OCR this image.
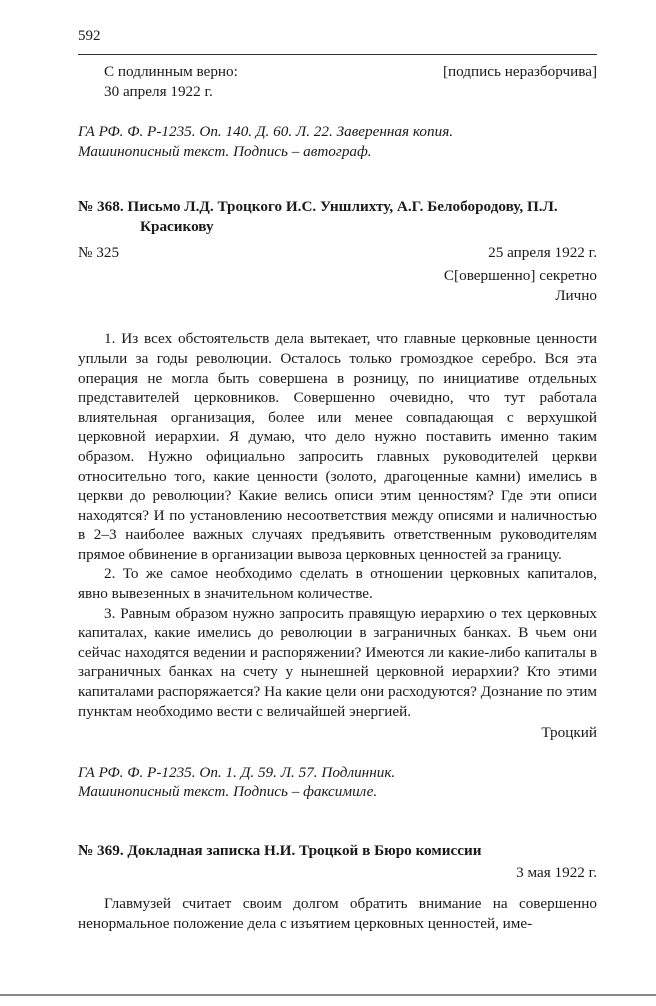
592
С подлинным верно:	[подпись неразборчива]
30 апреля 1922 г.
ГА РФ. Ф. Р-1235. Оп. 140. Д. 60. Л. 22. Заверенная копия.
Машинописный текст. Подпись – автограф.
№ 368. Письмо Л.Д. Троцкого И.С. Уншлихту, А.Г. Белобородову, П.Л. Красикову
№ 325	25 апреля 1922 г.
С[овершенно] секретно
Лично

1. Из всех обстоятельств дела вытекает, что главные церковные ценности уплыли за годы революции. Осталось только громоздкое серебро. Вся эта операция не могла быть совершена в розницу, по инициативе отдельных представителей церковников. Совершенно очевидно, что тут работала влиятельная организация, более или менее совпадающая с верхушкой церковной иерархии. Я думаю, что дело нужно поставить именно таким образом. Нужно официально запросить главных руководителей церкви относительно того, какие ценности (золото, драгоценные камни) имелись в церкви до революции? Какие велись описи этим ценностям? Где эти описи находятся? И по установлению несоответствия между описями и наличностью в 2–3 наиболее важных случаях предъявить ответственным руководителям прямое обвинение в организации вывоза церковных ценностей за границу.

2. То же самое необходимо сделать в отношении церковных капиталов, явно вывезенных в значительном количестве.

3. Равным образом нужно запросить правящую иерархию о тех церковных капиталах, какие имелись до революции в заграничных банках. В чьем они сейчас находятся ведении и распоряжении? Имеются ли какие-либо капиталы в заграничных банках на счету у нынешней церковной иерархии? Кто этими капиталами распоряжается? На какие цели они расходуются? Дознание по этим пунктам необходимо вести с величайшей энергией.

Троцкий
ГА РФ. Ф. Р-1235. Оп. 1. Д. 59. Л. 57. Подлинник.
Машинописный текст. Подпись – факсимиле.
№ 369. Докладная записка Н.И. Троцкой в Бюро комиссии
3 мая 1922 г.

Главмузей считает своим долгом обратить внимание на совершенно ненормальное положение дела с изъятием церковных ценностей, име-
